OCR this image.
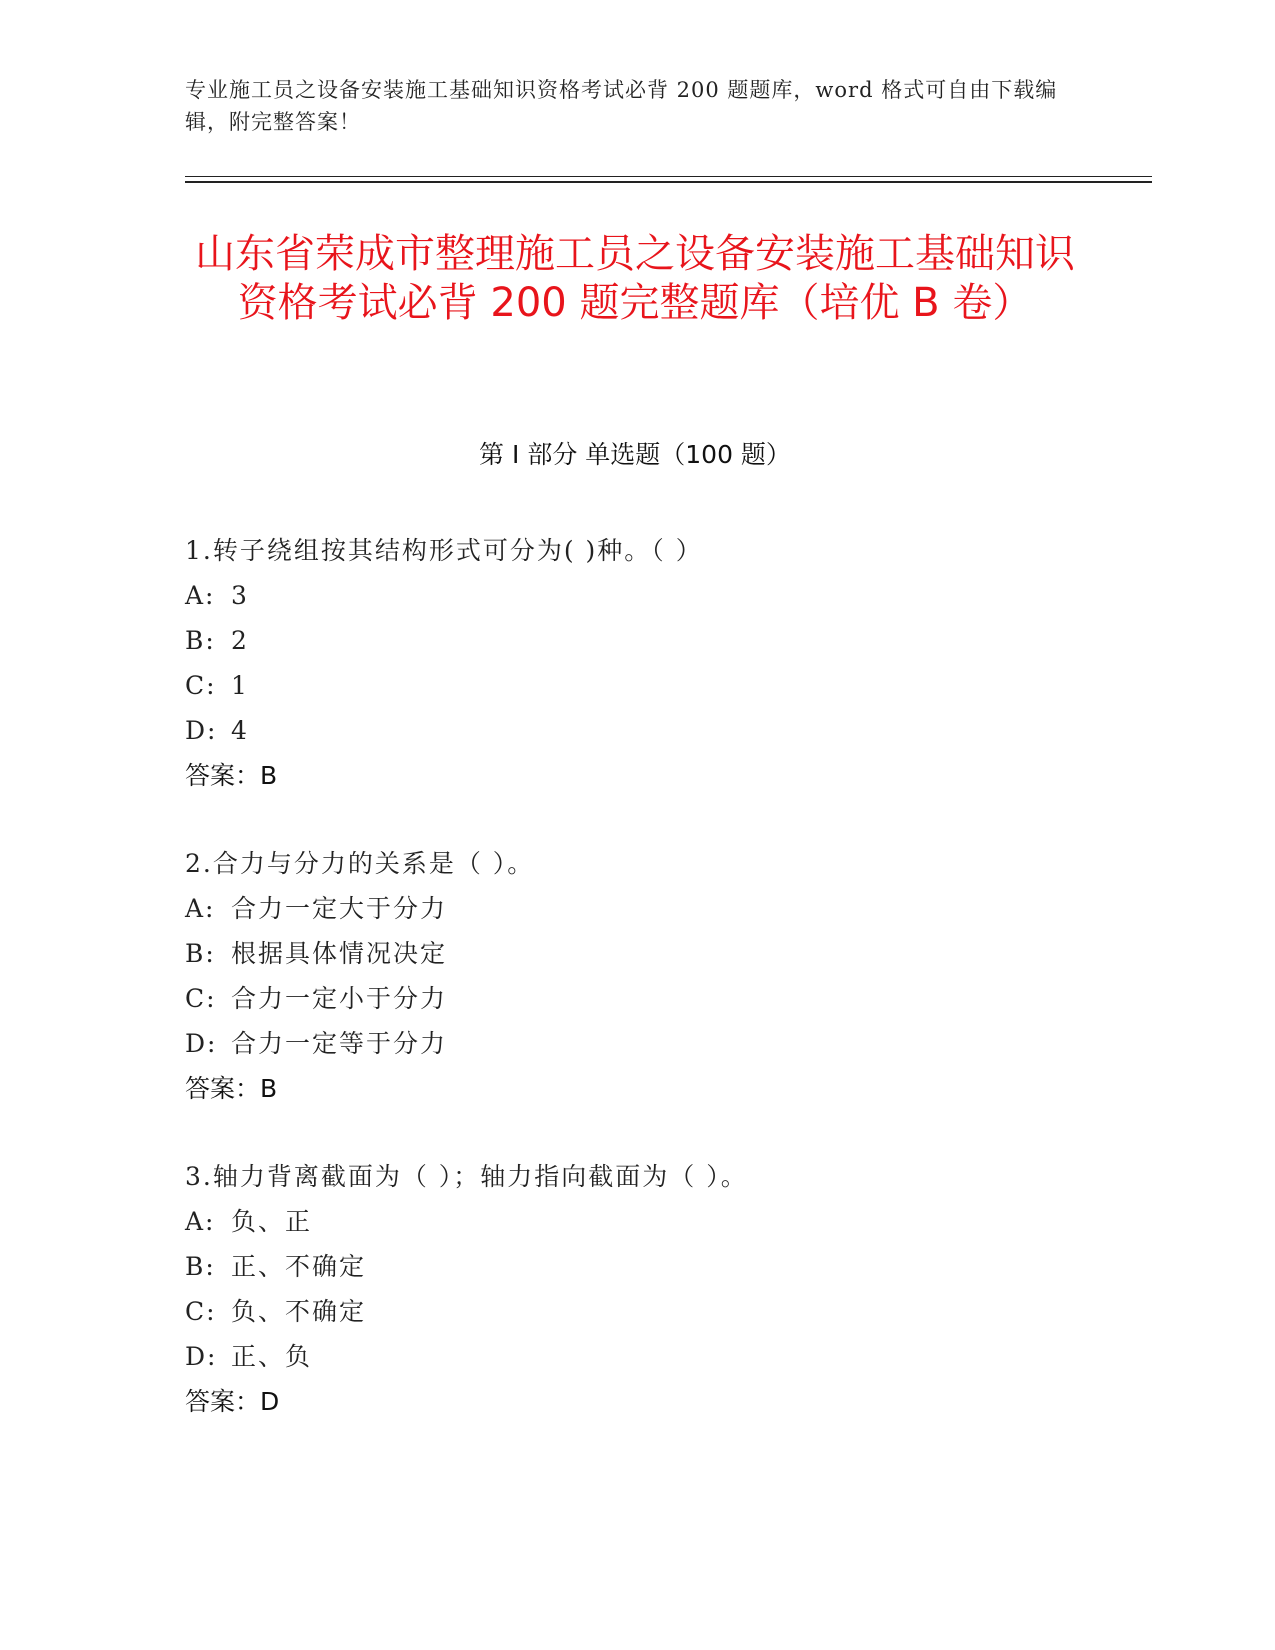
专业施工员之设备安装施工基础知识资格考试必背 200 题题库，word 格式可自由下载编辑，附完整答案！
山东省荣成市整理施工员之设备安装施工基础知识资格考试必背 200 题完整题库（培优 B 卷）
第 I 部分 单选题（100 题）
1.转子绕组按其结构形式可分为( )种。（ ）
A: 3
B: 2
C: 1
D: 4
答案：B
2.合力与分力的关系是（ ）。
A: 合力一定大于分力
B: 根据具体情况决定
C: 合力一定小于分力
D: 合力一定等于分力
答案：B
3.轴力背离截面为（ ）；轴力指向截面为（ ）。
A: 负、正
B: 正、不确定
C: 负、不确定
D: 正、负
答案：D
